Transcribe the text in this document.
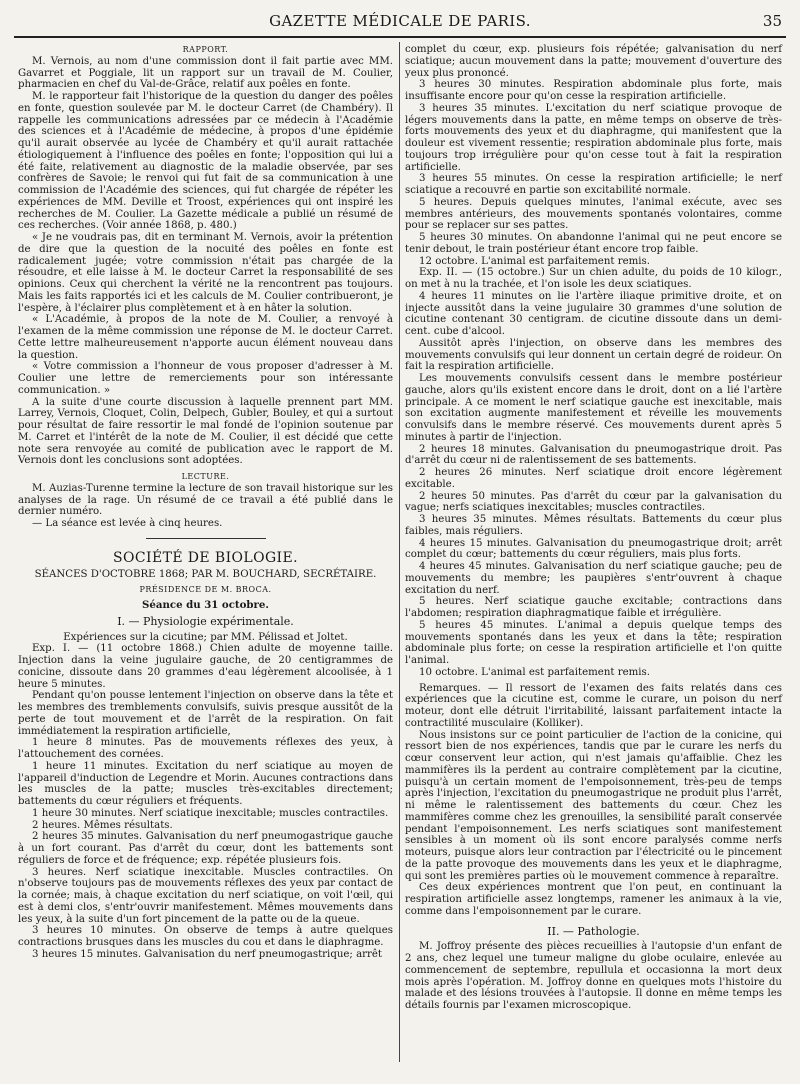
GAZETTE MÉDICALE DE PARIS.	35

RAPPORT.

M. Vernois, au nom d'une commission dont il fait partie avec MM. Gavarret et Poggiale, lit un rapport sur un travail de M. Coulier, pharmacien en chef du Val-de-Grâce, relatif aux poêles en fonte.

M. le rapporteur fait l'historique de la question du danger des poêles en fonte, question soulevée par M. le docteur Carret (de Chambéry). Il rappelle les communications adressées par ce médecin à l'Académie des sciences et à l'Académie de médecine, à propos d'une épidémie qu'il aurait observée au lycée de Chambéry et qu'il aurait rattachée étiologiquement à l'influence des poêles en fonte; l'opposition qui lui a été faite, relativement au diagnostic de la maladie observée, par ses confrères de Savoie; le renvoi qui fut fait de sa communication à une commission de l'Académie des sciences, qui fut chargée de répéter les expériences de MM. Deville et Troost, expériences qui ont inspiré les recherches de M. Coulier. La Gazette médicale a publié un résumé de ces recherches. (Voir année 1868, p. 480.)

« Je ne voudrais pas, dit en terminant M. Vernois, avoir la prétention de dire que la question de la nocuité des poêles en fonte est radicalement jugée; votre commission n'était pas chargée de la résoudre, et elle laisse à M. le docteur Carret la responsabilité de ses opinions. Ceux qui cherchent la vérité ne la rencontrent pas toujours. Mais les faits rapportés ici et les calculs de M. Coulier contribueront, je l'espère, à l'éclairer plus complètement et à en hâter la solution.

« L'Académie, à propos de la note de M. Coulier, a renvoyé à l'examen de la même commission une réponse de M. le docteur Carret. Cette lettre malheureusement n'apporte aucun élément nouveau dans la question.

« Votre commission a l'honneur de vous proposer d'adresser à M. Coulier une lettre de remerciements pour son intéressante communication. »

A la suite d'une courte discussion à laquelle prennent part MM. Larrey, Vernois, Cloquet, Colin, Delpech, Gubler, Bouley, et qui a surtout pour résultat de faire ressortir le mal fondé de l'opinion soutenue par M. Carret et l'intérêt de la note de M. Coulier, il est décidé que cette note sera renvoyée au comité de publication avec le rapport de M. Vernois dont les conclusions sont adoptées.

LECTURE.

M. Auzias-Turenne termine la lecture de son travail historique sur les analyses de la rage. Un résumé de ce travail a été publié dans le dernier numéro.

— La séance est levée à cinq heures.

SOCIÉTÉ DE BIOLOGIE.

SÉANCES D'OCTOBRE 1868; PAR M. BOUCHARD, SECRÉTAIRE.

PRÉSIDENCE DE M. BROCA.

Séance du 31 octobre.

I. — Physiologie expérimentale.

Expériences sur la cicutine; par MM. Pélissad et Joltet.

Exp. I. — (11 octobre 1868.) Chien adulte de moyenne taille. Injection dans la veine jugulaire gauche, de 20 centigrammes de conicine, dissoute dans 20 grammes d'eau légèrement alcoolisée, à 1 heure 5 minutes.

Pendant qu'on pousse lentement l'injection on observe dans la tête et les membres des tremblements convulsifs, suivis presque aussitôt de la perte de tout mouvement et de l'arrêt de la respiration. On fait immédiatement la respiration artificielle,

1 heure 8 minutes. Pas de mouvements réflexes des yeux, à l'attouchement des cornées.

1 heure 11 minutes. Excitation du nerf sciatique au moyen de l'appareil d'induction de Legendre et Morin. Aucunes contractions dans les muscles de la patte; muscles très-excitables directement; battements du cœur réguliers et fréquents.

1 heure 30 minutes. Nerf sciatique inexcitable; muscles contractiles.

2 heures. Mêmes résultats.

2 heures 35 minutes. Galvanisation du nerf pneumogastrique gauche à un fort courant. Pas d'arrêt du cœur, dont les battements sont réguliers de force et de fréquence; exp. répétée plusieurs fois.

3 heures. Nerf sciatique inexcitable. Muscles contractiles. On n'observe toujours pas de mouvements réflexes des yeux par contact de la cornée; mais, à chaque excitation du nerf sciatique, on voit l'œil, qui est à demi clos, s'entr'ouvrir manifestement. Mêmes mouvements dans les yeux, à la suite d'un fort pincement de la patte ou de la queue.

3 heures 10 minutes. On observe de temps à autre quelques contractions brusques dans les muscles du cou et dans le diaphragme.

3 heures 15 minutes. Galvanisation du nerf pneumogastrique; arrêt

complet du cœur, exp. plusieurs fois répétée; galvanisation du nerf sciatique; aucun mouvement dans la patte; mouvement d'ouverture des yeux plus prononcé.

3 heures 30 minutes. Respiration abdominale plus forte, mais insuffisante encore pour qu'on cesse la respiration artificielle.

3 heures 35 minutes. L'excitation du nerf sciatique provoque de légers mouvements dans la patte, en même temps on observe de très-forts mouvements des yeux et du diaphragme, qui manifestent que la douleur est vivement ressentie; respiration abdominale plus forte, mais toujours trop irrégulière pour qu'on cesse tout à fait la respiration artificielle.

3 heures 55 minutes. On cesse la respiration artificielle; le nerf sciatique a recouvré en partie son excitabilité normale.

5 heures. Depuis quelques minutes, l'animal exécute, avec ses membres antérieurs, des mouvements spontanés volontaires, comme pour se replacer sur ses pattes.

5 heures 30 minutes. On abandonne l'animal qui ne peut encore se tenir debout, le train postérieur étant encore trop faible.

12 octobre. L'animal est parfaitement remis.

Exp. II. — (15 octobre.) Sur un chien adulte, du poids de 10 kilogr., on met à nu la trachée, et l'on isole les deux sciatiques.

4 heures 11 minutes on lie l'artère iliaque primitive droite, et on injecte aussitôt dans la veine jugulaire 30 grammes d'une solution de cicutine contenant 30 centigram. de cicutine dissoute dans un demi-cent. cube d'alcool.

Aussitôt après l'injection, on observe dans les membres des mouvements convulsifs qui leur donnent un certain degré de roideur. On fait la respiration artificielle.

Les mouvements convulsifs cessent dans le membre postérieur gauche, alors qu'ils existent encore dans le droit, dont on a lié l'artère principale. A ce moment le nerf sciatique gauche est inexcitable, mais son excitation augmente manifestement et réveille les mouvements convulsifs dans le membre réservé. Ces mouvements durent après 5 minutes à partir de l'injection.

2 heures 18 minutes. Galvanisation du pneumogastrique droit. Pas d'arrêt du cœur ni de ralentissement de ses battements.

2 heures 26 minutes. Nerf sciatique droit encore légèrement excitable.

2 heures 50 minutes. Pas d'arrêt du cœur par la galvanisation du vague; nerfs sciatiques inexcitables; muscles contractiles.

3 heures 35 minutes. Mêmes résultats. Battements du cœur plus faibles, mais réguliers.

4 heures 15 minutes. Galvanisation du pneumogastrique droit; arrêt complet du cœur; battements du cœur réguliers, mais plus forts.

4 heures 45 minutes. Galvanisation du nerf sciatique gauche; peu de mouvements du membre; les paupières s'entr'ouvrent à chaque excitation du nerf.

5 heures. Nerf sciatique gauche excitable; contractions dans l'abdomen; respiration diaphragmatique faible et irrégulière.

5 heures 45 minutes. L'animal a depuis quelque temps des mouvements spontanés dans les yeux et dans la tête; respiration abdominale plus forte; on cesse la respiration artificielle et l'on quitte l'animal.

10 octobre. L'animal est parfaitement remis.

Remarques. — Il ressort de l'examen des faits relatés dans ces expériences que la cicutine est, comme le curare, un poison du nerf moteur, dont elle détruit l'irritabilité, laissant parfaitement intacte la contractilité musculaire (Kolliker).

Nous insistons sur ce point particulier de l'action de la conicine, qui ressort bien de nos expériences, tandis que par le curare les nerfs du cœur conservent leur action, qui n'est jamais qu'affaiblie. Chez les mammifères ils la perdent au contraire complètement par la cicutine, puisqu'à un certain moment de l'empoisonnement, très-peu de temps après l'injection, l'excitation du pneumogastrique ne produit plus l'arrêt, ni même le ralentissement des battements du cœur. Chez les mammifères comme chez les grenouilles, la sensibilité paraît conservée pendant l'empoisonnement. Les nerfs sciatiques sont manifestement sensibles à un moment où ils sont encore paralysés comme nerfs moteurs, puisque alors leur contraction par l'électricité ou le pincement de la patte provoque des mouvements dans les yeux et le diaphragme, qui sont les premières parties où le mouvement commence à reparaître.

Ces deux expériences montrent que l'on peut, en continuant la respiration artificielle assez longtemps, ramener les animaux à la vie, comme dans l'empoisonnement par le curare.

II. — Pathologie.

M. Joffroy présente des pièces recueillies à l'autopsie d'un enfant de 2 ans, chez lequel une tumeur maligne du globe oculaire, enlevée au commencement de septembre, repullula et occasionna la mort deux mois après l'opération. M. Joffroy donne en quelques mots l'histoire du malade et des lésions trouvées à l'autopsie. Il donne en même temps les détails fournis par l'examen microscopique.
